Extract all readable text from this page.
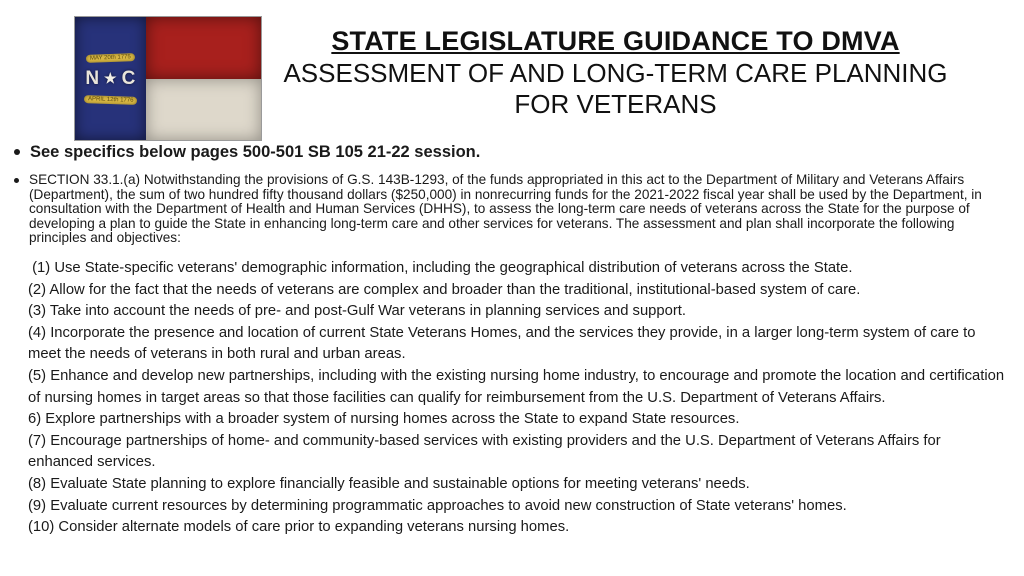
MAY 20th 1775
N ★ C
APRIL 12th 1776
STATE LEGISLATURE GUIDANCE TO DMVA
ASSESSMENT OF AND LONG-TERM CARE PLANNING
FOR VETERANS
See specifics below pages 500-501 SB 105 21-22 session.
SECTION 33.1.(a) Notwithstanding the provisions of G.S. 143B-1293, of the funds appropriated in this act to the Department of Military and Veterans Affairs (Department), the sum of two hundred fifty thousand dollars ($250,000) in nonrecurring funds for the 2021-2022 fiscal year shall be used by the Department, in consultation with the Department of Health and Human Services (DHHS), to assess the long-term care needs of veterans across the State for the purpose of developing a plan to guide the State in enhancing long-term care and other services for veterans. The assessment and plan shall incorporate the following principles and objectives:
(1) Use State-specific veterans' demographic information, including the geographical distribution of veterans across the State.
(2) Allow for the fact that the needs of veterans are complex and broader than the traditional, institutional-based system of care.
(3) Take into account the needs of pre- and post-Gulf War veterans in planning services and support.
(4) Incorporate the presence and location of current State Veterans Homes, and the services they provide, in a larger long-term system of care to meet the needs of veterans in both rural and urban areas.
(5) Enhance and develop new partnerships, including with the existing nursing home industry, to encourage and promote the location and certification of nursing homes in target areas so that those facilities can qualify for reimbursement from the U.S. Department of Veterans Affairs.
6) Explore partnerships with a broader system of nursing homes across the State to expand State resources.
(7) Encourage partnerships of home- and community-based services with existing providers and the U.S. Department of Veterans Affairs for enhanced services.
(8) Evaluate State planning to explore financially feasible and sustainable options for meeting veterans' needs.
(9) Evaluate current resources by determining programmatic approaches to avoid new construction of State veterans' homes.
(10) Consider alternate models of care prior to expanding veterans nursing homes.
